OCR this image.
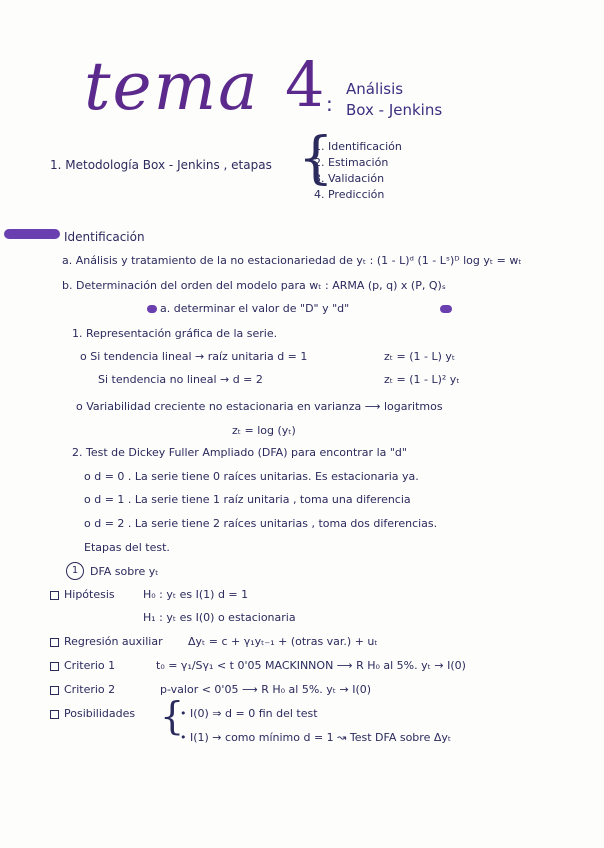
tema 4 :
Análisis
Box - Jenkins
1. Metodología Box - Jenkins , etapas {
1. Identificación
2. Estimación
3. Validación
4. Predicción
Identificación
a. Análisis y tratamiento de la no estacionariedad de yₜ : (1 - L)ᵈ (1 - Lˢ)ᴰ log yₜ = wₜ
b. Determinación del orden del modelo para wₜ : ARMA (p, q) x (P, Q)ₛ
a. determinar el valor de "D" y "d"
1. Representación gráfica de la serie.
o Si tendencia lineal → raíz unitaria d = 1	zₜ = (1 - L) yₜ
Si tendencia no lineal → d = 2	zₜ = (1 - L)² yₜ
o Variabilidad creciente no estacionaria en varianza ⟶ logaritmos
zₜ = log (yₜ)
2. Test de Dickey Fuller Ampliado (DFA) para encontrar la "d"
o d = 0 . La serie tiene 0 raíces unitarias. Es estacionaria ya.
o d = 1 . La serie tiene 1 raíz unitaria , toma una diferencia
o d = 2 . La serie tiene 2 raíces unitarias , toma dos diferencias.
Etapas del test.
1	DFA sobre yₜ
Hipótesis	H₀ : yₜ es I(1) d = 1
H₁ : yₜ es I(0) o estacionaria
Regresión auxiliar Δyₜ = c + γ₁yₜ₋₁ + (otras var.) + uₜ
Criterio 1	t₀ = γ₁/Sγ₁ < t 0'05 MACKINNON ⟶ R H₀ al 5%. yₜ → I(0)
Criterio 2	p-valor < 0'05 ⟶ R H₀ al 5%. yₜ → I(0)
Posibilidades {
• I(0) ⇒ d = 0 fin del test
• I(1) → como mínimo d = 1 ↝ Test DFA sobre Δyₜ
